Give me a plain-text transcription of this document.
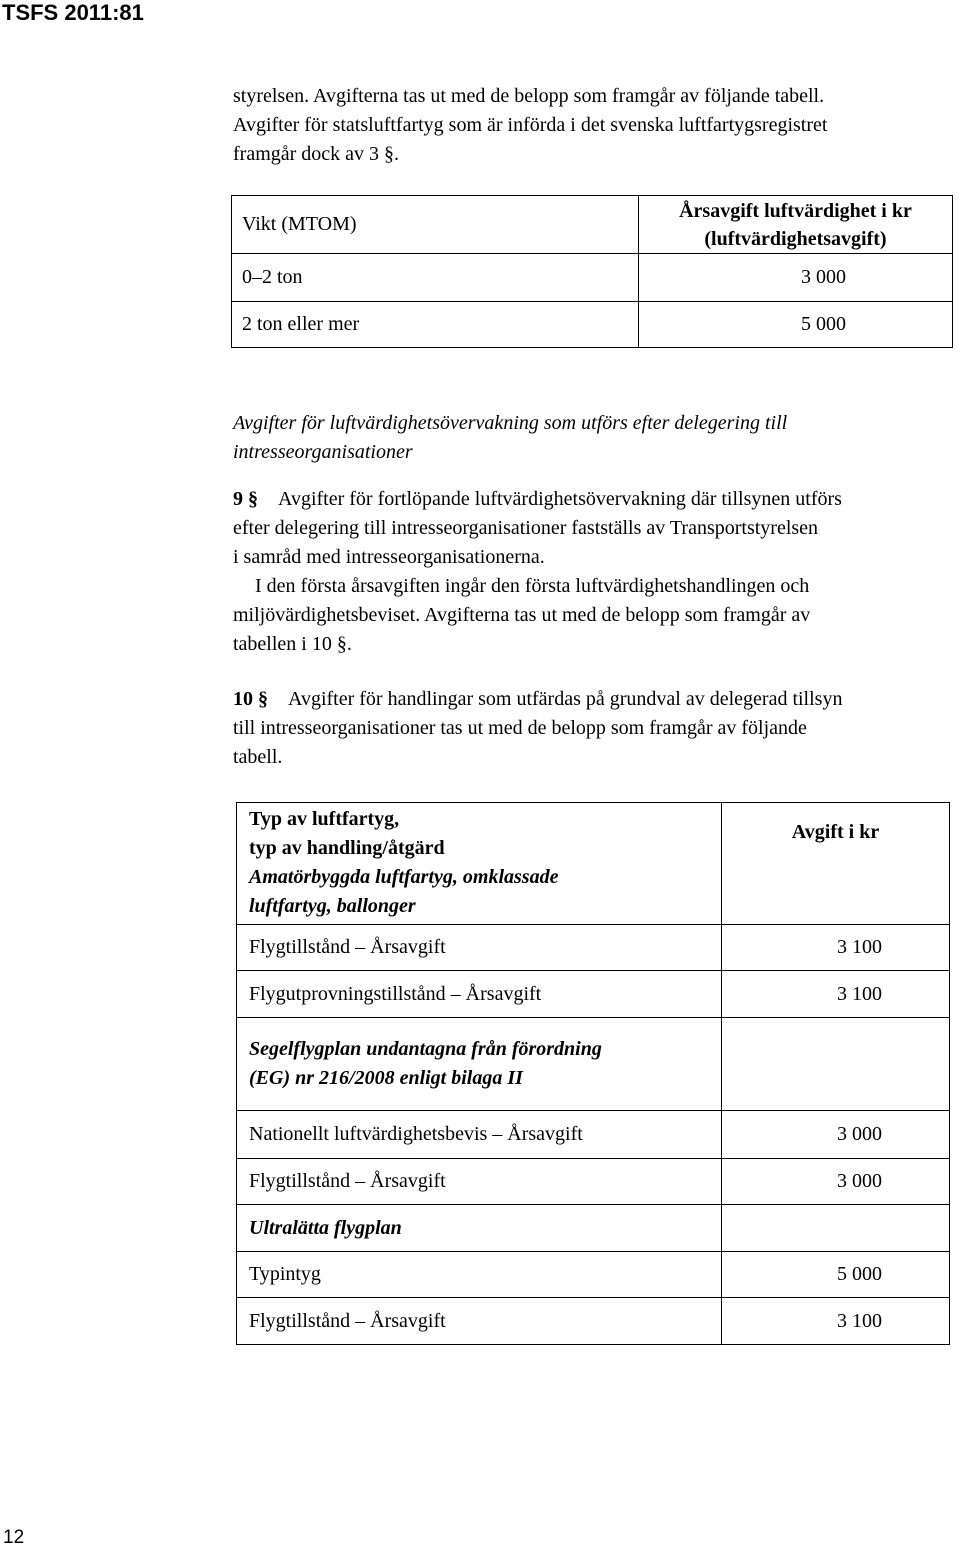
TSFS 2011:81

styrelsen. Avgifterna tas ut med de belopp som framgår av följande tabell.

Avgifter för statsluftfartyg som är införda i det svenska luftfartygsregistret

framgår dock av 3 §.

Vikt (MTOM)	Årsavgift luftvärdighet i kr
(luftvärdighetsavgift)

0–2 ton	3 000
2 ton eller mer	5 000
Avgifter för luftvärdighetsövervakning som utförs efter delegering till
intresseorganisationer

9 § Avgifter för fortlöpande luftvärdighetsövervakning där tillsynen utförs

efter delegering till intresseorganisationer fastställs av Transportstyrelsen

i samråd med intresseorganisationerna.

I den första årsavgiften ingår den första luftvärdighetshandlingen och

miljövärdighetsbeviset. Avgifterna tas ut med de belopp som framgår av

tabellen i 10 §.

10 § Avgifter för handlingar som utfärdas på grundval av delegerad tillsyn

till intresseorganisationer tas ut med de belopp som framgår av följande

tabell.

Typ av luftfartyg,
typ av handling/åtgärd
Amatörbyggda luftfartyg, omklassade
luftfartyg, ballonger	Avgift i kr

Flygtillstånd – Årsavgift	3 100
Flygutprovningstillstånd – Årsavgift	3 100

Segelflygplan undantagna från förordning
(EG) nr 216/2008 enligt bilaga II	

Nationellt luftvärdighetsbevis – Årsavgift	3 000
Flygtillstånd – Årsavgift	3 000
Ultralätta flygplan	
Typintyg	5 000
Flygtillstånd – Årsavgift	3 100
12
